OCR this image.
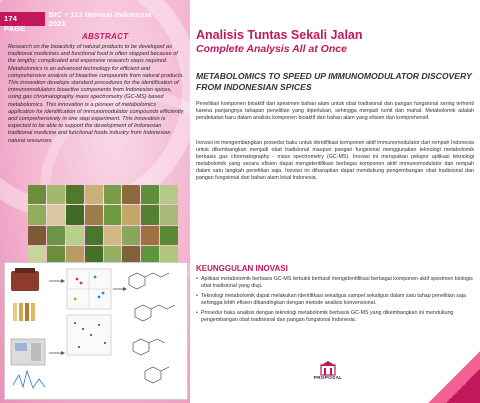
174 PAGE
BIC • 113 Inovasi Indonesia 2021
ABSTRACT
Research on the bioactivity of natural products to be developed as traditional medicines and functional food is often stopped because of the lengthy, complicated and expensive research steps required. Metabolomics is an advanced technology for efficient and comprehensive analysis of bioactive compounds from natural products. This innovation develops standard procedures for the identification of immunomodulators bioactive components from Indonesian spices, using gas chromatography mass spectrometry (GC-MS) based metabolomics. This innovation is a pioneer of metabolomics application for identification of immunomodulator compounds efficiently and comprehensively in one step experiment. This innovation is expected to be able to support the development of Indonesian traditional medicine and functional foods industry from Indonesian natural resources.
Analisis Tuntas Sekali Jalan
Complete Analysis All at Once
METABOLOMICS TO SPEED UP IMMUNOMODULATOR DISCOVERY FROM INDONESIAN SPICES

Penelitian komponen bioaktif dari spesimen bahan alam untuk obat tradisional dan pangan fungsional sering terhenti karena panjangnya tahapan penelitian yang diperlukan, sehingga menjadi rumit dan mahal. Metabolomik adalah pendekatan baru dalam analisis komponen bioaktif dari bahan alam yang efisien dan komprehensif.

Inovasi ini mengembangkan prosedur baku untuk identifikasi komponen aktif immunomodulator dari rempah Indonesia untuk dikembangkan menjadi obat tradisional maupun pangan fungsional menggunakan teknologi metabolomik berbasis gas chromatography - mass spectrometry (GC-MS). Inovasi ini merupakan pelopor aplikasi teknologi metabolomik yang secara efisien dapat mengidentifikasi berbagai komponen aktif immunomodulator dari rempah dalam satu langkah penelitian saja. Inovasi ini diharapkan dapat mendukung pengembangan obat tradisional dan pangan fungsional dari bahan alam lokal Indonesia.

KEUNGGULAN INOVASI
• Aplikasi metabolomik berbasis GC-MS terbukti berhasil mengidentifikasi berbagai komponen aktif spesimen biologis obat tradisional yang diuji.
• Teknologi metabolomik dapat melakukan identifikasi sekaligus sampel sekaligus dalam satu tahap penelitian saja sehingga lebih efisien dibandingkan dengan metode analisis konvensional.
• Prosedur baku analisis dengan teknologi metabolomik berbasis GC-MS yang dikembangkan ini mendukung pengembangan obat tradisional dan pangan fungsional Indonesia.
PROPOSAL
